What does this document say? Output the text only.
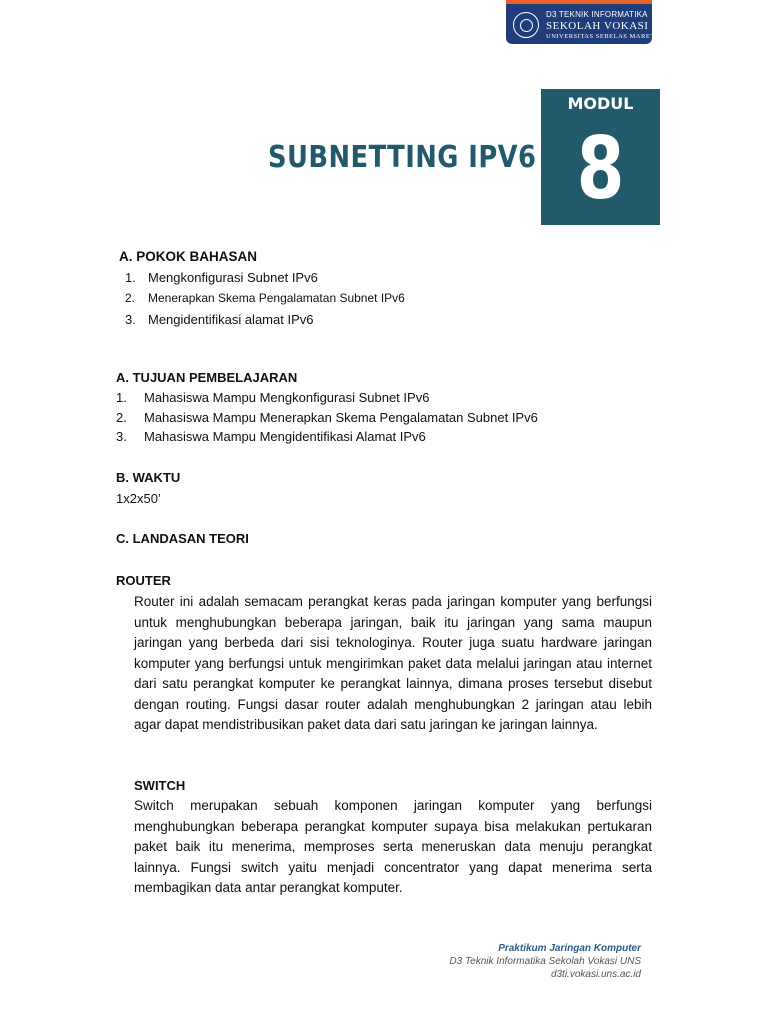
D3 TEKNIK INFORMATIKA
SEKOLAH VOKASI
UNIVERSITAS SEBELAS MARET
SUBNETTING IPV6
MODUL
8
A. POKOK BAHASAN
1. Mengkonfigurasi Subnet IPv6
2. Menerapkan Skema Pengalamatan Subnet IPv6
3. Mengidentifikasi alamat IPv6
A. TUJUAN PEMBELAJARAN
1. Mahasiswa Mampu Mengkonfigurasi Subnet IPv6
2. Mahasiswa Mampu Menerapkan Skema Pengalamatan Subnet IPv6
3. Mahasiswa Mampu Mengidentifikasi Alamat IPv6
B. WAKTU
1x2x50’
C. LANDASAN TEORI
ROUTER
Router ini adalah semacam perangkat keras pada jaringan komputer yang berfungsi untuk menghubungkan beberapa jaringan, baik itu jaringan yang sama maupun jaringan yang berbeda dari sisi teknologinya. Router juga suatu hardware jaringan komputer yang berfungsi untuk mengirimkan paket data melalui jaringan atau internet dari satu perangkat komputer ke perangkat lainnya, dimana proses tersebut disebut dengan routing. Fungsi dasar router adalah menghubungkan 2 jaringan atau lebih agar dapat mendistribusikan paket data dari satu jaringan ke jaringan lainnya.
SWITCH
Switch merupakan sebuah komponen jaringan komputer yang berfungsi menghubungkan beberapa perangkat komputer supaya bisa melakukan pertukaran paket baik itu menerima, memproses serta meneruskan data menuju perangkat lainnya. Fungsi switch yaitu menjadi concentrator yang dapat menerima serta membagikan data antar perangkat komputer.
Praktikum Jaringan Komputer
D3 Teknik Informatika Sekolah Vokasi UNS
d3ti.vokasi.uns.ac.id
